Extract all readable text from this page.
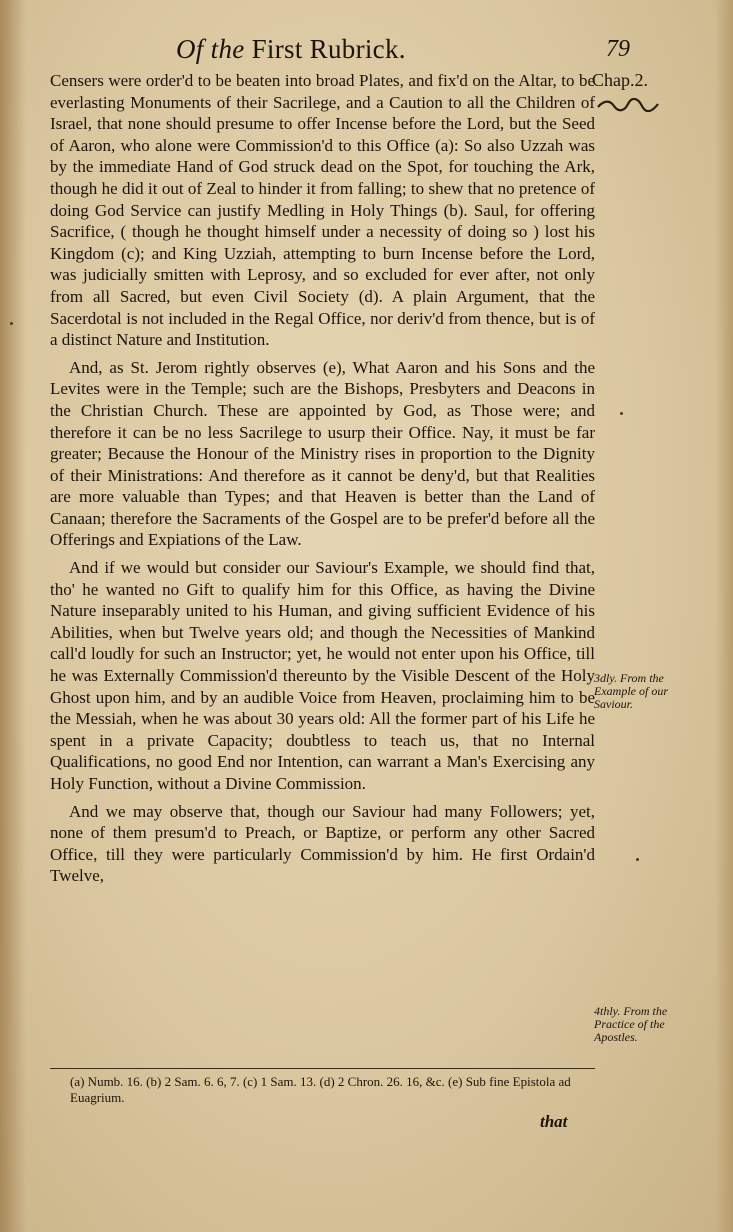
Of the First Rubrick.	79
Chap.2.

Censers were order'd to be beaten into broad Plates, and fix'd on the Altar, to be everlasting Monuments of their Sacrilege, and a Caution to all the Children of Israel, that none should presume to offer Incense before the Lord, but the Seed of Aaron, who alone were Commission'd to this Office (a): So also Uzzah was by the immediate Hand of God struck dead on the Spot, for touching the Ark, though he did it out of Zeal to hinder it from falling; to shew that no pretence of doing God Service can justify Medling in Holy Things (b). Saul, for offering Sacrifice, ( though he thought himself under a necessity of doing so ) lost his Kingdom (c); and King Uzziah, attempting to burn Incense before the Lord, was judicially smitten with Leprosy, and so excluded for ever after, not only from all Sacred, but even Civil Society (d). A plain Argument, that the Sacerdotal is not included in the Regal Office, nor deriv'd from thence, but is of a distinct Nature and Institution.

And, as St. Jerom rightly observes (e), What Aaron and his Sons and the Levites were in the Temple; such are the Bishops, Presbyters and Deacons in the Christian Church. These are appointed by God, as Those were; and therefore it can be no less Sacrilege to usurp their Office. Nay, it must be far greater; Because the Honour of the Ministry rises in proportion to the Dignity of their Ministrations: And therefore as it cannot be deny'd, but that Realities are more valuable than Types; and that Heaven is better than the Land of Canaan; therefore the Sacraments of the Gospel are to be prefer'd before all the Offerings and Expiations of the Law.

And if we would but consider our Saviour's Example, we should find that, tho' he wanted no Gift to qualify him for this Office, as having the Divine Nature inseparably united to his Human, and giving sufficient Evidence of his Abilities, when but Twelve years old; and though the Necessities of Mankind call'd loudly for such an Instructor; yet, he would not enter upon his Office, till he was Externally Commission'd thereunto by the Visible Descent of the Holy Ghost upon him, and by an audible Voice from Heaven, proclaiming him to be the Messiah, when he was about 30 years old: All the former part of his Life he spent in a private Capacity; doubtless to teach us, that no Internal Qualifications, no good End nor Intention, can warrant a Man's Exercising any Holy Function, without a Divine Commission.

And we may observe that, though our Saviour had many Followers; yet, none of them presum'd to Preach, or Baptize, or perform any other Sacred Office, till they were particularly Commission'd by him. He first Ordain'd Twelve,

3dly. From the Example of our Saviour.
4thly. From the Practice of the Apostles.
(a) Numb. 16. (b) 2 Sam. 6. 6, 7. (c) 1 Sam. 13. (d) 2 Chron. 26. 16, &c. (e) Sub fine Epistola ad Euagrium.
that
